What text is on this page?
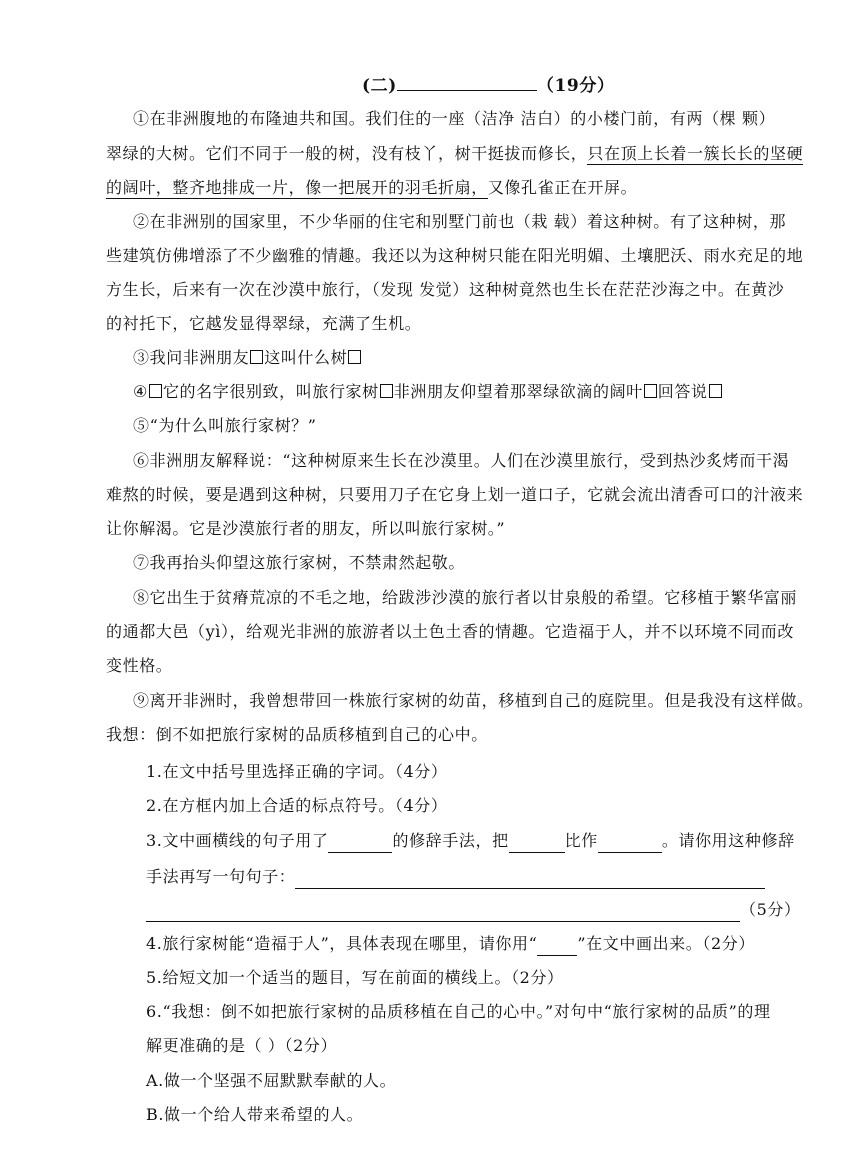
(二)	（19分）
①在非洲腹地的布隆迪共和国。我们住的一座（洁净 洁白）的小楼门前，有两（棵 颗）
翠绿的大树。它们不同于一般的树，没有枝丫，树干挺拔而修长，只在顶上长着一簇长长的坚硬
的阔叶，整齐地排成一片，像一把展开的羽毛折扇，又像孔雀正在开屏。
②在非洲别的国家里，不少华丽的住宅和别墅门前也（栽 载）着这种树。有了这种树，那
些建筑仿佛增添了不少幽雅的情趣。我还以为这种树只能在阳光明媚、土壤肥沃、雨水充足的地
方生长，后来有一次在沙漠中旅行，（发现 发觉）这种树竟然也生长在茫茫沙海之中。在黄沙
的衬托下，它越发显得翠绿，充满了生机。
③我问非洲朋友 这叫什么树
④ 它的名字很别致，叫旅行家树 非洲朋友仰望着那翠绿欲滴的阔叶 回答说
⑤“为什么叫旅行家树？”
⑥非洲朋友解释说：“这种树原来生长在沙漠里。人们在沙漠里旅行，受到热沙炙烤而干渴
难熬的时候，要是遇到这种树，只要用刀子在它身上划一道口子，它就会流出清香可口的汁液来
让你解渴。它是沙漠旅行者的朋友，所以叫旅行家树。”
⑦我再抬头仰望这旅行家树，不禁肃然起敬。
⑧它出生于贫瘠荒凉的不毛之地，给跋涉沙漠的旅行者以甘泉般的希望。它移植于繁华富丽
的通都大邑（yì），给观光非洲的旅游者以土色土香的情趣。它造福于人，并不以环境不同而改
变性格。
⑨离开非洲时，我曾想带回一株旅行家树的幼苗，移植到自己的庭院里。但是我没有这样做。
我想：倒不如把旅行家树的品质移植到自己的心中。
1.在文中括号里选择正确的字词。（4分）
2.在方框内加上合适的标点符号。（4分）
3.文中画横线的句子用了	的修辞手法，把	比作	。请你用这种修辞
手法再写一句句子：
（5分）
4.旅行家树能“造福于人”，具体表现在哪里，请你用“	”在文中画出来。（2分）
5.给短文加一个适当的题目，写在前面的横线上。（2分）
6.“我想：倒不如把旅行家树的品质移植在自己的心中。”对句中“旅行家树的品质”的理
解更准确的是（ ）（2分）
A.做一个坚强不屈默默奉献的人。
B.做一个给人带来希望的人。
